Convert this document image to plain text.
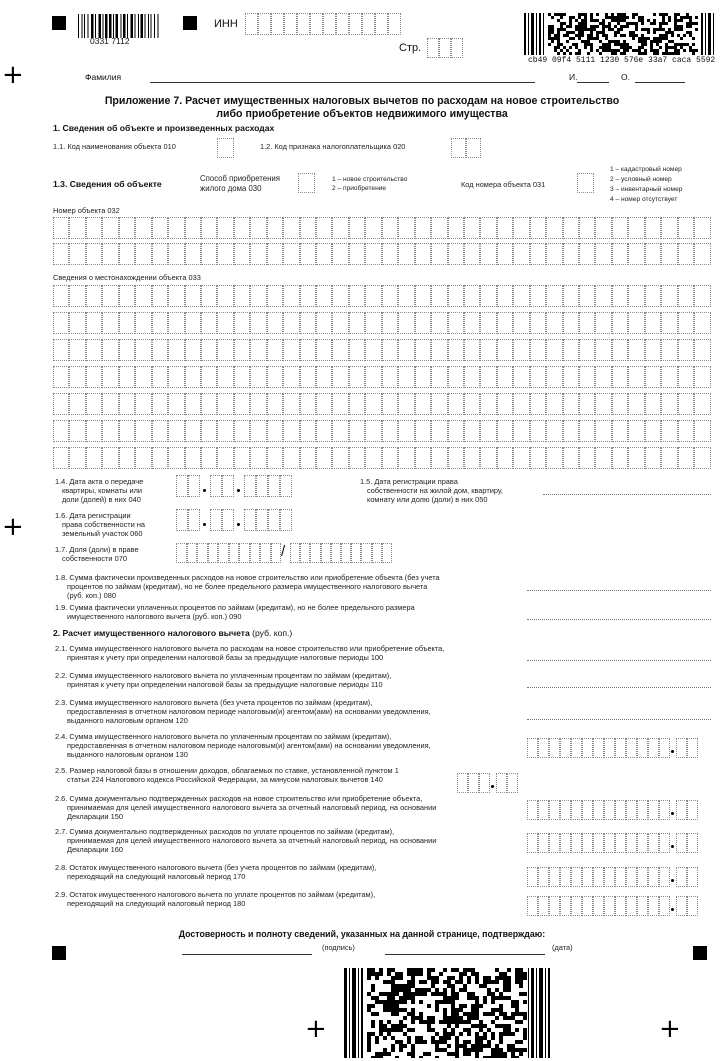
+
+
+	+
0331 7112
ИНН
Стр.
cb49 09f4 5111 1230 576e 33a7 caca 5592
Фамилия	И.	О.
Приложение 7. Расчет имущественных налоговых вычетов по расходам на новое строительство
либо приобретение объектов недвижимого имущества
1. Сведения об объекте и произведенных расходах
1.1. Код наименования объекта 010	1.2. Код признака налогоплательщика 020
1.3. Сведения об объекте
Способ приобретения
жилого дома 030
1 – новое строительство
2 – приобретение	Код номера объекта 031
1 – кадастровый номер
2 – условный номер
3 – инвентарный номер
4 – номер отсутствует
Номер объекта 032
Сведения о местонахождении объекта 033
1.4. Дата акта о передаче
квартиры, комнаты или
доли (долей) в них 040
1.5. Дата регистрации права
собственности на жилой дом, квартиру,
комнату или долю (доли) в них 050
1.6. Дата регистрации
права собственности на
земельный участок 060
1.7. Доля (доли) в праве
собственности 070	/
1.8. Сумма фактически произведенных расходов на новое строительство или приобретение объекта (без учета
процентов по займам (кредитам), но не более предельного размера имущественного налогового вычета
(руб. коп.) 080
1.9. Сумма фактически уплаченных процентов по займам (кредитам), но не более предельного размера
имущественного налогового вычета (руб. коп.) 090
2. Расчет имущественного налогового вычета (руб. коп.)
2.1. Сумма имущественного налогового вычета по расходам на новое строительство или приобретение объекта,
принятая к учету при определении налоговой базы за предыдущие налоговые периоды 100
2.2. Сумма имущественного налогового вычета по уплаченным процентам по займам (кредитам),
принятая к учету при определении налоговой базы за предыдущие налоговые периоды 110
2.3. Сумма имущественного налогового вычета (без учета процентов по займам (кредитам),
предоставленная в отчетном налоговом периоде налоговым(и) агентом(ами) на основании уведомления,
выданного налоговым органом 120
2.4. Сумма имущественного налогового вычета по уплаченным процентам по займам (кредитам),
предоставленная в отчетном налоговом периоде налоговым(и) агентом(ами) на основании уведомления,
выданного налоговым органом 130
2.5. Размер налоговой базы в отношении доходов, облагаемых по ставке, установленной пунктом 1
статьи 224 Налогового кодекса Российской Федерации, за минусом налоговых вычетов 140
2.6. Сумма документально подтвержденных расходов на новое строительство или приобретение объекта,
принимаемая для целей имущественного налогового вычета за отчетный налоговый период, на основании
Декларации 150
2.7. Сумма документально подтвержденных расходов по уплате процентов по займам (кредитам),
принимаемая для целей имущественного налогового вычета за отчетный налоговый период, на основании
Декларации 160
2.8. Остаток имущественного налогового вычета (без учета процентов по займам (кредитам),
переходящий на следующий налоговый период 170
2.9. Остаток имущественного налогового вычета по уплате процентов по займам (кредитам),
переходящий на следующий налоговый период 180
Достоверность и полноту сведений, указанных на данной странице, подтверждаю:
(подпись)	(дата)
